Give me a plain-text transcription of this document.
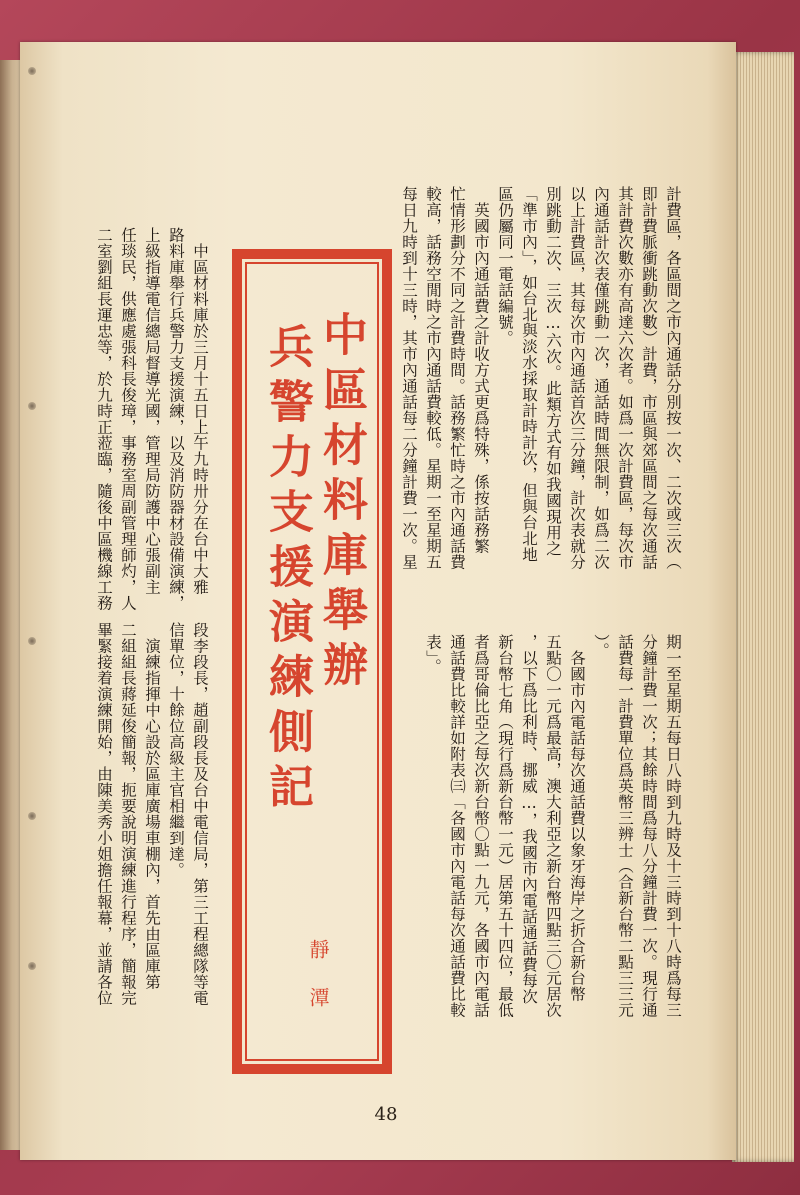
計費區，各區間之市內通話分別按一次、二次或三次（
即計費脈衝跳動次數）計費，市區與郊區間之每次通話
其計費次數亦有高達六次者。如爲一次計費區，每次市
內通話計次表僅跳動一次，通話時間無限制，如爲二次
以上計費區，其每次市內通話首次三分鐘，計次表就分
別跳動二次、三次…六次。此類方式有如我國現用之
「準市內」，如台北與淡水採取計時計次，但與台北地
區仍屬同一電話編號。
　英國市內通話費之計收方式更爲特殊，係按話務繁
忙情形劃分不同之計費時間。話務繁忙時之市內通話費
較高，話務空閒時之市內通話費較低。星期一至星期五
每日九時到十三時，其市內通話每二分鐘計費一次。星
期一至星期五每日八時到九時及十三時到十八時爲每三
分鐘計費一次；其餘時間爲每八分鐘計費一次。現行通
話費每一計費單位爲英幣三辨士（合新台幣二點三三元
）。
　各國市內電話每次通話費以象牙海岸之折合新台幣
五點〇一元爲最高，澳大利亞之新台幣四點三〇元居次
，以下爲比利時、挪威…，我國市內電話通話費每次
新台幣七角（現行爲新台幣一元）居第五十四位，最低
者爲哥倫比亞之每次新台幣〇點一九元，各國市內電話
通話費比較詳如附表㈢「各國市內電話每次通話費比較
表」。
中區材料庫舉辦
兵警力支援演練側記
靜潭
　中區材料庫於三月十五日上午九時卅分在台中大雅
路料庫舉行兵警力支援演練，以及消防器材設備演練，
上級指導電信總局督導光國，管理局防護中心張副主
任琰民，供應處張科長俊璋，事務室周副管理師灼，人
二室劉組長運忠等，於九時正蒞臨，隨後中區機線工務
段李段長，趙副段長及台中電信局，第三工程總隊等電
信單位，十餘位高級主官相繼到達。
　演練指揮中心設於區庫廣場車棚內，首先由區庫第
二組組長蔣延俊簡報，扼要說明演練進行程序，簡報完
畢緊接着演練開始，由陳美秀小姐擔任報幕，並請各位
48
